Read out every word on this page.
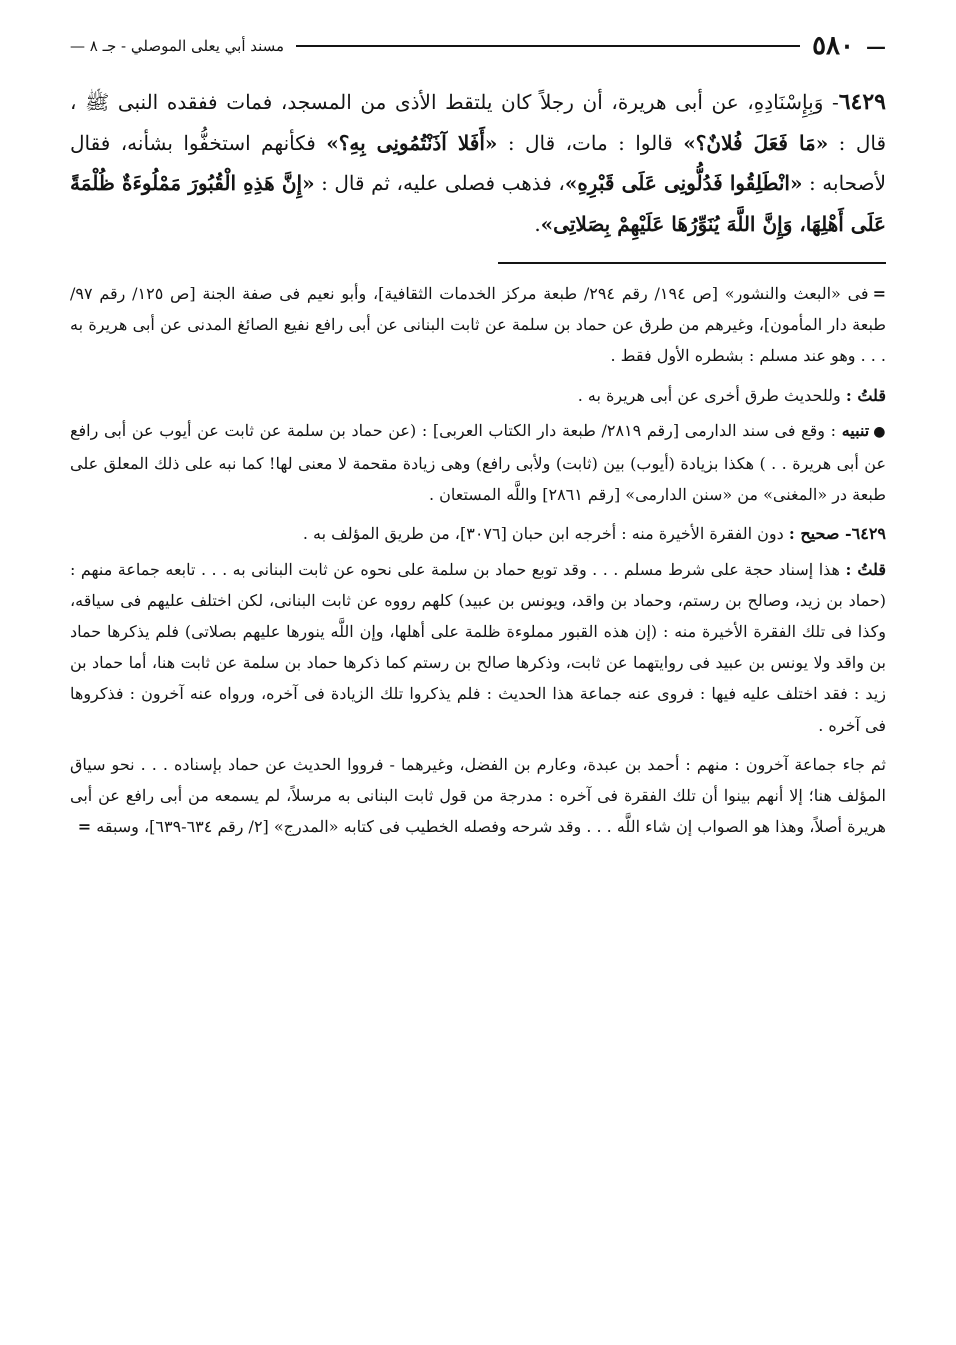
—
٥٨٠
مسند أبي يعلى الموصلي - جـ ٨ —
٦٤٢٩- وَبِإِسْنَادِهِ، عن أبى هريرة، أن رجلاً كان يلتقط الأذى من المسجد، فمات ففقده النبى ﷺ ، قال : «مَا فَعَلَ فُلانٌ؟» قالوا : مات، قال : «أَفَلا آذَنْتُمُونِى بِهِ؟» فكأنهم استخفُّوا بشأنه، فقال لأصحابه : «انْطَلِقُوا فَدُلُّونِى عَلَى قَبْرِهِ»، فذهب فصلى عليه، ثم قال : «إِنَّ هَذِهِ الْقُبُورَ مَمْلُوءَةٌ ظُلْمَةً عَلَى أَهْلِهَا، وَإِنَّ اللَّهَ يُنَوِّرُهَا عَلَيْهِمْ بِصَلاتِى».

=فى «البعث والنشور» [ص ١٩٤/ رقم ٢٩٤/ طبعة مركز الخدمات الثقافية]، وأبو نعيم فى صفة الجنة [ص ١٢٥/ رقم ٩٧/ طبعة دار المأمون]، وغيرهم من طرق عن حماد بن سلمة عن ثابت البنانى عن أبى رافع نفيع الصائغ المدنى عن أبى هريرة به . . . وهو عند مسلم : بشطره الأول فقط .

قلتُ : وللحديث طرق أخرى عن أبى هريرة به .

●تنبيه : وقع فى سند الدارمى [رقم ٢٨١٩/ طبعة دار الكتاب العربى] : (عن حماد بن سلمة عن ثابت عن أيوب عن أبى رافع عن أبى هريرة . . ) هكذا بزيادة (أيوب) بين (ثابت) ولأبى رافع) وهى زيادة مقحمة لا معنى لها! كما نبه على ذلك المعلق على طبعة در «المغنى» من «سنن الدارمى» [رقم ٢٨٦١] واللَّه المستعان .

٦٤٢٩- صحيح : دون الفقرة الأخيرة منه : أخرجه ابن حبان [٣٠٧٦]، من طريق المؤلف به .

قلتُ : هذا إسناد حجة على شرط مسلم . . . وقد توبع حماد بن سلمة على نحوه عن ثابت البنانى به . . . تابعه جماعة منهم : (حماد بن زيد، وصالح بن رستم، وحماد بن واقد، ويونس بن عبيد) كلهم رووه عن ثابت البنانى، لكن اختلف عليهم فى سياقه، وكذا فى تلك الفقرة الأخيرة منه : (إن هذه القبور مملوءة ظلمة على أهلها، وإن اللَّه ينورها عليهم بصلاتى) فلم يذكرها حماد بن واقد ولا يونس بن عبيد فى روايتهما عن ثابت، وذكرها صالح بن رستم كما ذكرها حماد بن سلمة عن ثابت هنا، أما حماد بن زيد : فقد اختلف عليه فيها : فروى عنه جماعة هذا الحديث : فلم يذكروا تلك الزيادة فى آخره، ورواه عنه آخرون : فذكروها فى آخره .

ثم جاء جماعة آخرون : منهم : أحمد بن عبدة، وعارم بن الفضل، وغيرهما - فرووا الحديث عن حماد بإسناده . . . نحو سياق المؤلف هنا؛ إلا أنهم بينوا أن تلك الفقرة فى آخره : مدرجة من قول ثابت البنانى به مرسلاً، لم يسمعه من أبى رافع عن أبى هريرة أصلاً، وهذا هو الصواب إن شاء اللَّه . . . وقد شرحه وفصله الخطيب فى كتابه «المدرج» [٢/ رقم ٦٣٤-٦٣٩]، وسبقه =
